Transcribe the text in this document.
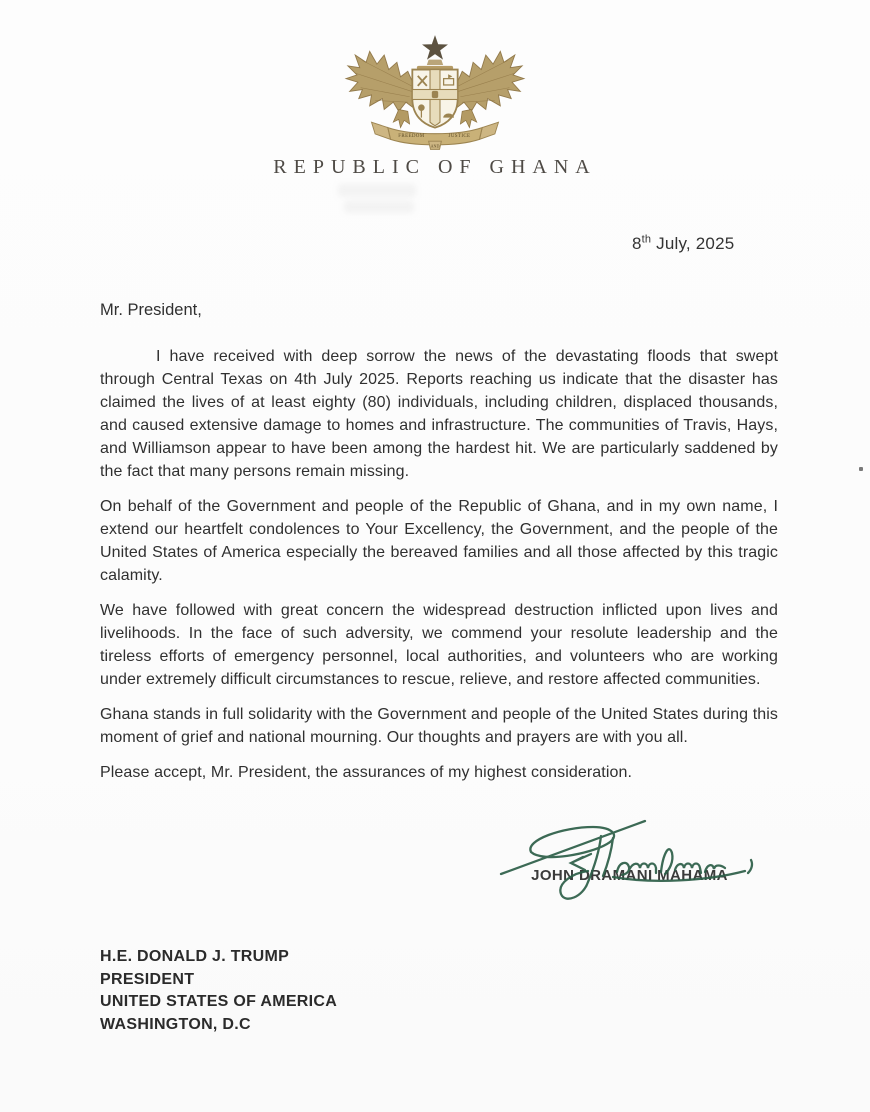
FREEDOM	JUSTICE
AND
REPUBLIC OF GHANA
8th July, 2025
Mr. President,

I have received with deep sorrow the news of the devastating floods that swept through Central Texas on 4th July 2025. Reports reaching us indicate that the disaster has claimed the lives of at least eighty (80) individuals, including children, displaced thousands, and caused extensive damage to homes and infrastructure. The communities of Travis, Hays, and Williamson appear to have been among the hardest hit. We are particularly saddened by the fact that many persons remain missing.

On behalf of the Government and people of the Republic of Ghana, and in my own name, I extend our heartfelt condolences to Your Excellency, the Government, and the people of the United States of America especially the bereaved families and all those affected by this tragic calamity.

We have followed with great concern the widespread destruction inflicted upon lives and livelihoods. In the face of such adversity, we commend your resolute leadership and the tireless efforts of emergency personnel, local authorities, and volunteers who are working under extremely difficult circumstances to rescue, relieve, and restore affected communities.

Ghana stands in full solidarity with the Government and people of the United States during this moment of grief and national mourning. Our thoughts and prayers are with you all.

Please accept, Mr. President, the assurances of my highest consideration.

JOHN DRAMANI MAHAMA
H.E. DONALD J. TRUMP
PRESIDENT
UNITED STATES OF AMERICA
WASHINGTON, D.C
